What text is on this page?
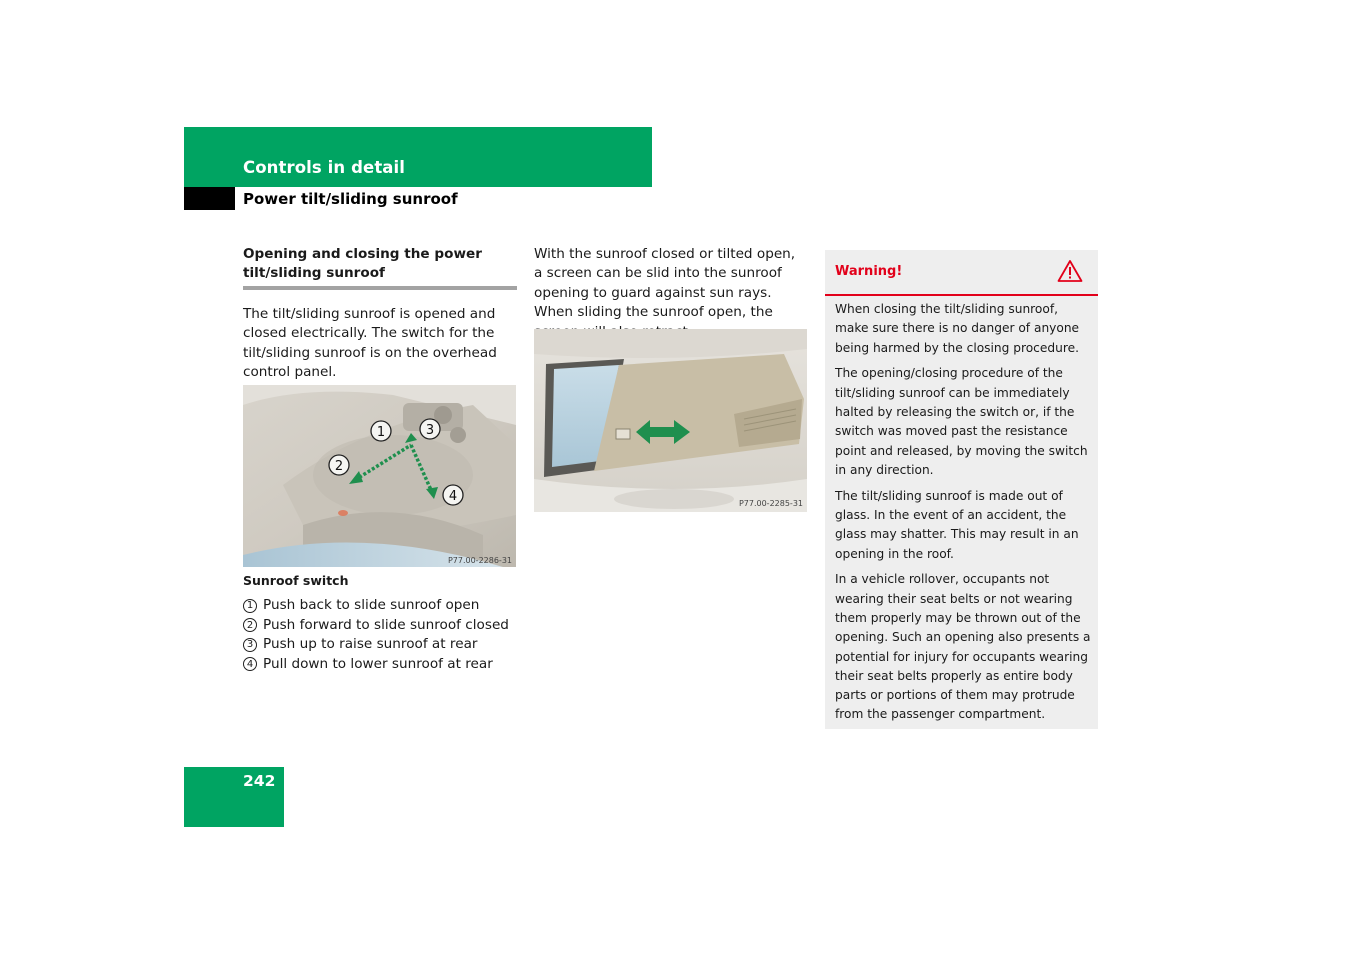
Controls in detail
Power tilt/sliding sunroof
Opening and closing the power tilt/sliding sunroof

The tilt/sliding sunroof is opened and closed electrically. The switch for the tilt/sliding sunroof is on the overhead control panel.

1
2
3
4
P77.00-2286-31
Sunroof switch
1 Push back to slide sunroof open
2 Push forward to slide sunroof closed
3 Push up to raise sunroof at rear
4 Pull down to lower sunroof at rear

With the sunroof closed or tilted open, a screen can be slid into the sunroof opening to guard against sun rays. When sliding the sunroof open, the

P77.00-2285-31
Warning!

When closing the tilt/sliding sunroof, make sure there is no danger of anyone being harmed by the closing procedure.

The opening/closing procedure of the tilt/sliding sunroof can be immediately halted by releasing the switch or, if the switch was moved past the resistance point and released, by moving the switch in any direction.

The tilt/sliding sunroof is made out of glass. In the event of an accident, the glass may shatter. This may result in an opening in the roof.

In a vehicle rollover, occupants not wearing their seat belts or not wearing them properly may be thrown out of the opening. Such an opening also presents a potential for injury for occupants wearing their seat belts properly as entire body parts or portions of them may protrude from the passenger compartment.

242
